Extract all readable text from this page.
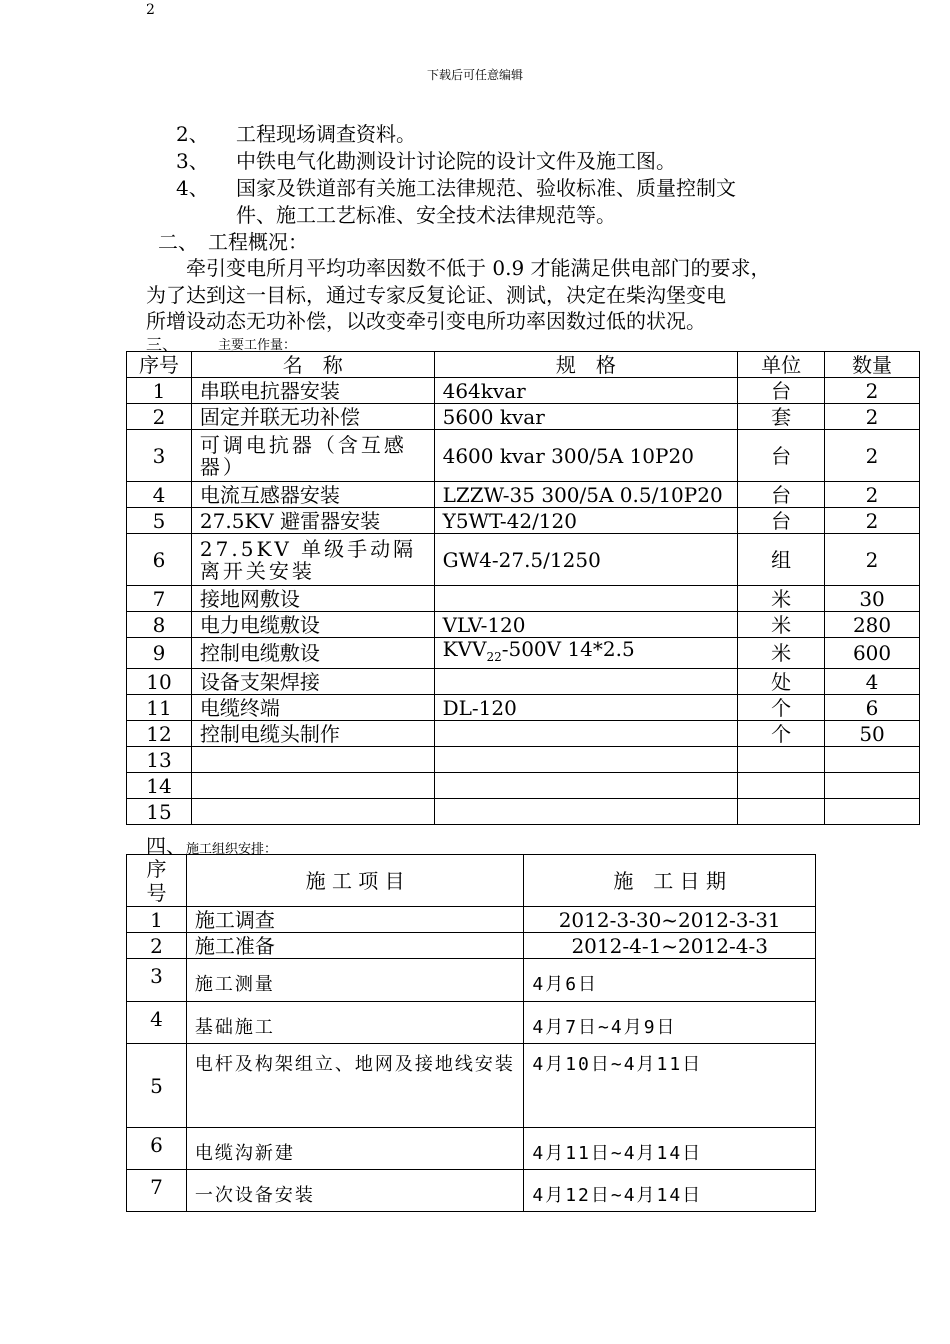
2
下载后可任意编辑
2、 工程现场调查资料。
3、 中铁电气化勘测设计讨论院的设计文件及施工图。
4、 国家及铁道部有关施工法律规范、验收标准、质量控制文
件、施工工艺标准、安全技术法律规范等。
二、　工程概况：
牵引变电所月平均功率因数不低于 0.9 才能满足供电部门的要求，
为了达到这一目标，通过专家反复论证、测试，决定在柴沟堡变电
所增设动态无功补偿，以改变牵引变电所功率因数过低的状况。
三、	主要工作量：
序号	名　称	规　格	单位	数量
1	串联电抗器安装	464kvar	台	2
2	固定并联无功补偿	5600 kvar	套	2
3	可调电抗器（含互感器）	4600 kvar 300/5A 10P20	台	2
4	电流互感器安装	LZZW-35 300/5A 0.5/10P20	台	2
5	27.5KV 避雷器安装	Y5WT-42/120	台	2
6	27.5KV 单级手动隔离开关安装	GW4-27.5/1250	组	2
7	接地网敷设		米	30
8	电力电缆敷设	VLV-120	米	280
9	控制电缆敷设	$KVV_{22}-500V$ 14*2.5	米	600
10	设备支架焊接		处	4
11	电缆终端	DL-120	个	6
12	控制电缆头制作		个	50
13				
14				
15				
四、施工组织安排：
序号	施 工 项 目	施　工 日 期
1	施工调查	2012-3-30~2012-3-31
2	施工准备	2012-4-1~2012-4-3
3	施工测量	4月6日
4	基础施工	4月7日~4月9日
5	电杆及构架组立、地网及接地线安装	4月10日~4月11日
6	电缆沟新建	4月11日~4月14日
7	一次设备安装	4月12日~4月14日
